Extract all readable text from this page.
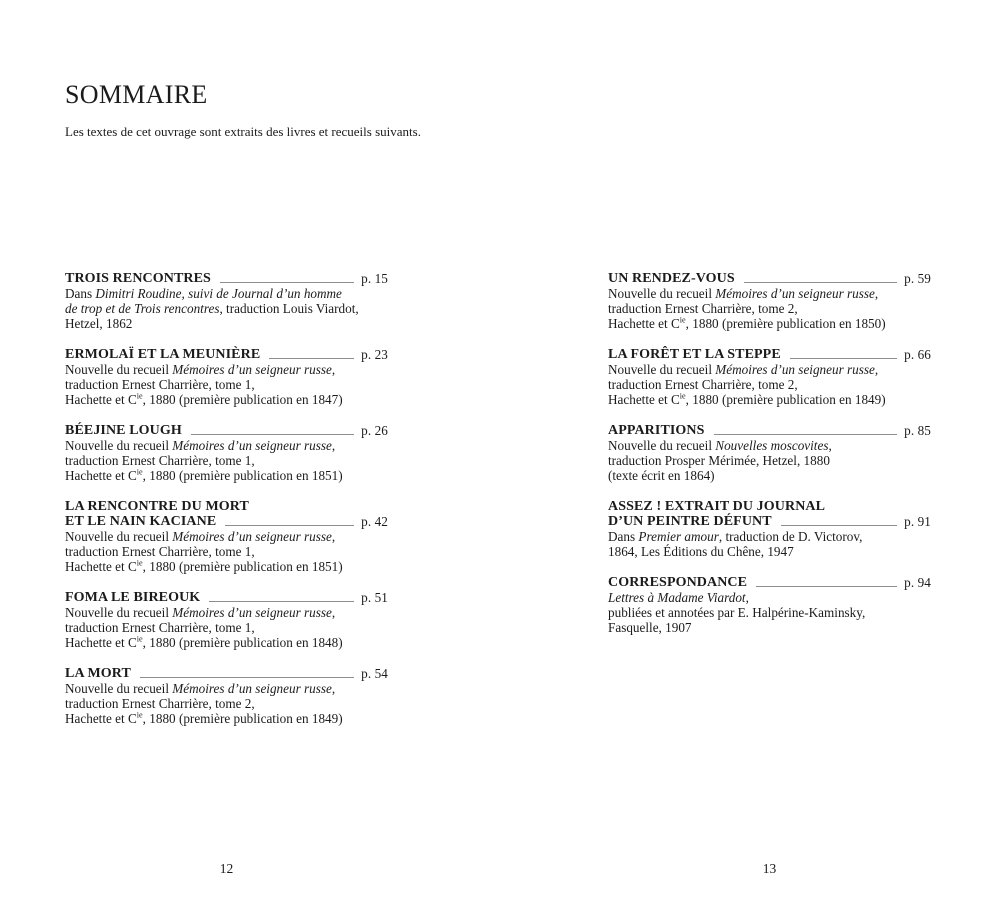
SOMMAIRE
Les textes de cet ouvrage sont extraits des livres et recueils suivants.
TROIS RENCONTRES	p. 15
Dans Dimitri Roudine, suivi de Journal d’un homme
de trop et de Trois rencontres, traduction Louis Viardot,
Hetzel, 1862
ERMOLAÏ ET LA MEUNIÈRE	p. 23
Nouvelle du recueil Mémoires d’un seigneur russe,
traduction Ernest Charrière, tome 1,
Hachette et $C^{ie}$, 1880 (première publication en 1847)
BÉEJINE LOUGH	p. 26
Nouvelle du recueil Mémoires d’un seigneur russe,
traduction Ernest Charrière, tome 1,
Hachette et $C^{ie}$, 1880 (première publication en 1851)
LA RENCONTRE DU MORT
ET LE NAIN KACIANE	p. 42
Nouvelle du recueil Mémoires d’un seigneur russe,
traduction Ernest Charrière, tome 1,
Hachette et $C^{ie}$, 1880 (première publication en 1851)
FOMA LE BIREOUK	p. 51
Nouvelle du recueil Mémoires d’un seigneur russe,
traduction Ernest Charrière, tome 1,
Hachette et $C^{ie}$, 1880 (première publication en 1848)
LA MORT	p. 54
Nouvelle du recueil Mémoires d’un seigneur russe,
traduction Ernest Charrière, tome 2,
Hachette et $C^{ie}$, 1880 (première publication en 1849)
UN RENDEZ-VOUS	p. 59
Nouvelle du recueil Mémoires d’un seigneur russe,
traduction Ernest Charrière, tome 2,
Hachette et $C^{ie}$, 1880 (première publication en 1850)
LA FORÊT ET LA STEPPE	p. 66
Nouvelle du recueil Mémoires d’un seigneur russe,
traduction Ernest Charrière, tome 2,
Hachette et $C^{ie}$, 1880 (première publication en 1849)
APPARITIONS	p. 85
Nouvelle du recueil Nouvelles moscovites,
traduction Prosper Mérimée, Hetzel, 1880
(texte écrit en 1864)
ASSEZ ! EXTRAIT DU JOURNAL
D’UN PEINTRE DÉFUNT	p. 91
Dans Premier amour, traduction de D. Victorov,
1864, Les Éditions du Chêne, 1947
CORRESPONDANCE	p. 94
Lettres à Madame Viardot,
publiées et annotées par E. Halpérine-Kaminsky,
Fasquelle, 1907
12	13
